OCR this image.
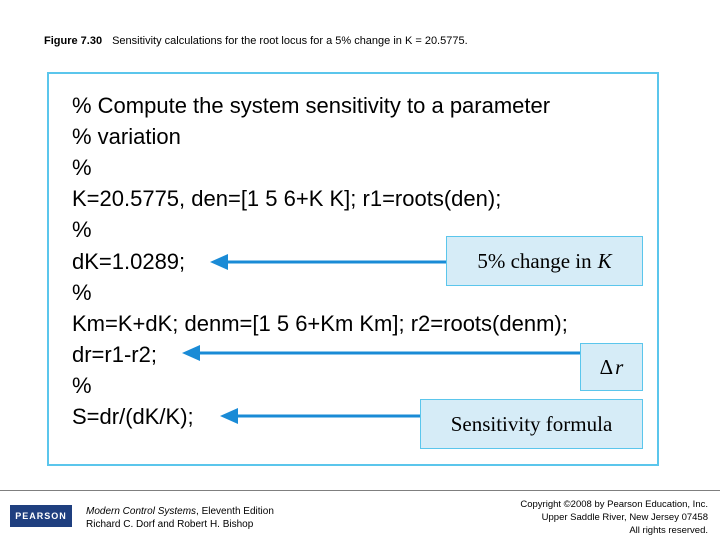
Figure 7.30 Sensitivity calculations for the root locus for a 5% change in K = 20.5775.
% Compute the system sensitivity to a parameter
% variation
%
K=20.5775, den=[1 5 6+K K]; r1=roots(den);
%
dK=1.0289;
%
Km=K+dK; denm=[1 5 6+Km Km]; r2=roots(denm);
dr=r1-r2;
%
S=dr/(dK/K);
5% change in K
Δ r
Sensitivity formula
PEARSON	Modern Control Systems, Eleventh Edition
Richard C. Dorf and Robert H. Bishop
Copyright ©2008 by Pearson Education, Inc.
Upper Saddle River, New Jersey 07458
All rights reserved.
